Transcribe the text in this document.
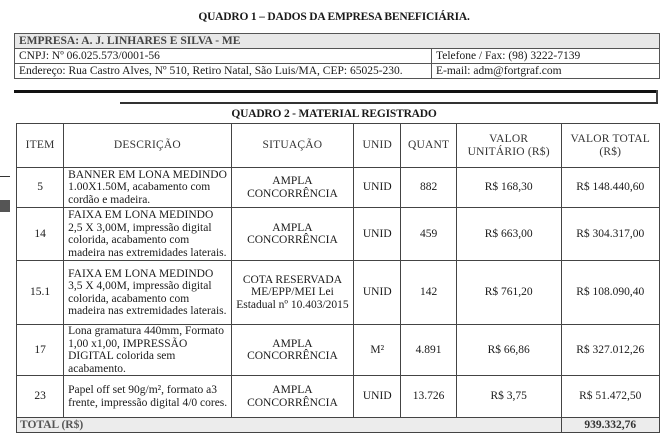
QUADRO 1 – DADOS DA EMPRESA BENEFICIÁRIA.
EMPRESA: A. J. LINHARES E SILVA - ME	
CNPJ: Nº 06.025.573/0001-56	Telefone / Fax: (98) 3222-7139
Endereço: Rua Castro Alves, Nº 510, Retiro Natal, São Luis/MA, CEP: 65025-230.	E-mail: adm@fortgraf.com
QUADRO 2 - MATERIAL REGISTRADO
ITEM	DESCRIÇÃO	SITUAÇÃO	UNID	QUANT	VALOR UNITÁRIO (R$)	VALOR TOTAL (R$)
5	BANNER EM LONA MEDINDO 1.00X1.50M, acabamento com cordão e madeira.	AMPLA CONCORRÊNCIA	UNID	882	R$ 168,30	R$ 148.440,60
14	FAIXA EM LONA MEDINDO 2,5 X 3,00M, impressão digital colorida, acabamento com madeira nas extremidades laterais.	AMPLA CONCORRÊNCIA	UNID	459	R$ 663,00	R$ 304.317,00
15.1	FAIXA EM LONA MEDINDO 3,5 X 4,00M, impressão digital colorida, acabamento com madeira nas extremidades laterais.	COTA RESERVADA ME/EPP/MEI Lei Estadual nº 10.403/2015	UNID	142	R$ 761,20	R$ 108.090,40
17	Lona gramatura 440mm, Formato 1,00 x1,00, IMPRESSÃO DIGITAL colorida sem acabamento.	AMPLA CONCORRÊNCIA	M²	4.891	R$ 66,86	R$ 327.012,26
23	Papel off set 90g/m², formato a3 frente, impressão digital 4/0 cores.	AMPLA CONCORRÊNCIA	UNID	13.726	R$ 3,75	R$ 51.472,50
TOTAL (R$)						939.332,76
